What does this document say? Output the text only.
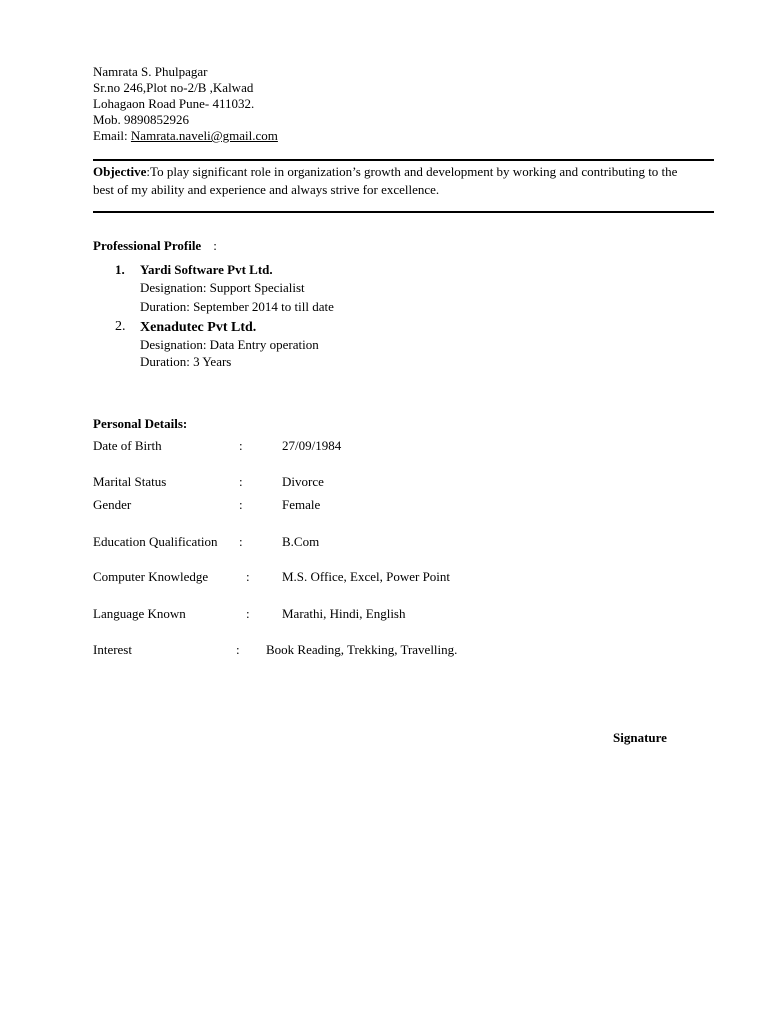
Namrata S. Phulpagar
Sr.no 246,Plot no-2/B ,Kalwad
Lohagaon Road Pune- 411032.
Mob. 9890852926
Email: Namrata.naveli@gmail.com
Objective:To play significant role in organization’s growth and development by working and contributing to the best of my ability and experience and always strive for excellence.
Professional Profile :
1. Yardi Software Pvt Ltd.
Designation: Support Specialist
Duration: September 2014 to till date
2. Xenadutec Pvt Ltd.
Designation: Data Entry operation
Duration: 3 Years
Personal Details:
Date of Birth	:	27/09/1984
Marital Status	:	Divorce
Gender	:	Female
Education Qualification :	B.Com
Computer Knowledge	: M.S. Office, Excel, Power Point
Language Known	: Marathi, Hindi, English
Interest	: Book Reading, Trekking, Travelling.
Signature
